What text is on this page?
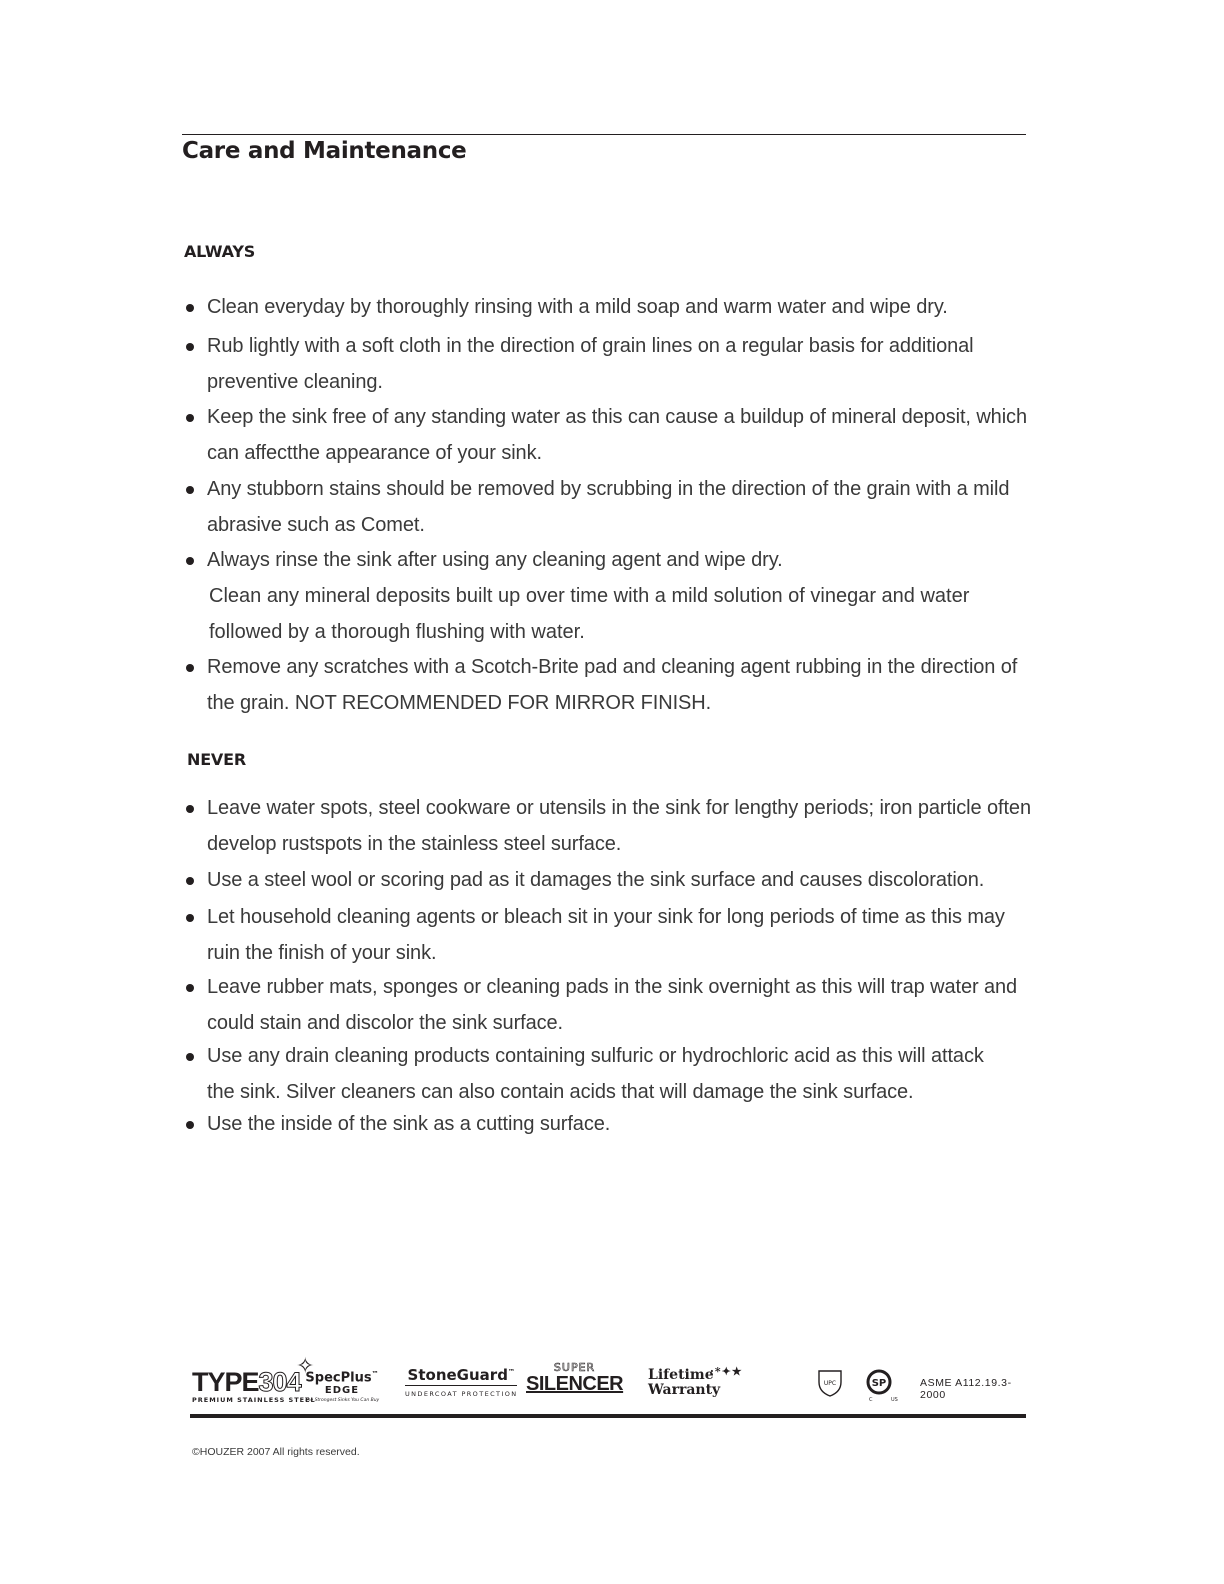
Care and Maintenance
ALWAYS
Clean everyday by thoroughly rinsing with a mild soap and warm water and wipe dry.
Rub lightly with a soft cloth in the direction of grain lines on a regular basis for additional preventive cleaning.
Keep the sink free of any standing water as this can cause a buildup of mineral deposit, which can affectthe appearance of your sink.
Any stubborn stains should be removed by scrubbing in the direction of the grain with a mild abrasive such as Comet.
Always rinse the sink after using any cleaning agent and wipe dry.
Clean any mineral deposits built up over time with a mild solution of vinegar and water followed by a thorough flushing with water.
Remove any scratches with a Scotch-Brite pad and cleaning agent rubbing in the direction of the grain. NOT RECOMMENDED FOR MIRROR FINISH.
NEVER
Leave water spots, steel cookware or utensils in the sink for lengthy periods; iron particle often develop rustspots in the stainless steel surface.
Use a steel wool or scoring pad as it damages the sink surface and causes discoloration.
Let household cleaning agents or bleach sit in your sink for long periods of time as this may ruin the finish of your sink.
Leave rubber mats, sponges or cleaning pads in the sink overnight as this will trap water and could stain and discolor the sink surface.
Use any drain cleaning products containing sulfuric or hydrochloric acid as this will attack the sink. Silver cleaners can also contain acids that will damage the sink surface.
Use the inside of the sink as a cutting surface.
TYPE304
PREMIUM STAINLESS STEEL
✧
SpecPlus™
EDGE
The Strongest Sinks You Can Buy
StoneGuard™
UNDERCOAT PROTECTION
SUPER
SILENCER Lifetime
Warranty
·*✦★
UPC	SP
C	US
ASME A112.19.3-2000
©HOUZER 2007 All rights reserved.
